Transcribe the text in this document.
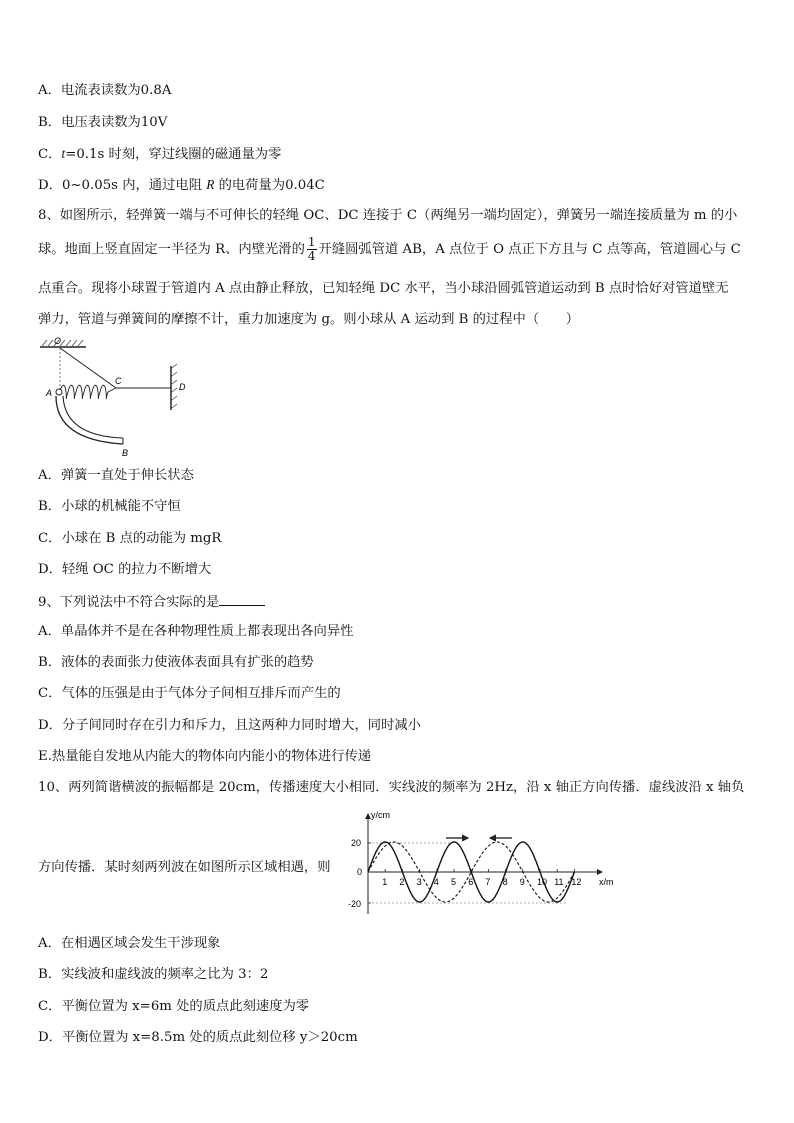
A．电流表读数为0.8A
B．电压表读数为10V
C．t=0.1s 时刻，穿过线圈的磁通量为零
D．0~0.05s 内，通过电阻 R 的电荷量为0.04C
8、如图所示，轻弹簧一端与不可伸长的轻绳 OC、DC 连接于 C（两绳另一端均固定），弹簧另一端连接质量为 m 的小
球。地面上竖直固定一半径为 R、内壁光滑的 $\frac{1}{4}$ 开缝圆弧管道 AB，A 点位于 O 点正下方且与 C 点等高，管道圆心与 C
点重合。现将小球置于管道内 A 点由静止释放，已知轻绳 DC 水平，当小球沿圆弧管道运动到 B 点时恰好对管道壁无
弹力，管道与弹簧间的摩擦不计，重力加速度为 g。则小球从 A 运动到 B 的过程中（　　）
O
D
C
A
B
A．弹簧一直处于伸长状态
B．小球的机械能不守恒
C．小球在 B 点的动能为 mgR
D．轻绳 OC 的拉力不断增大
9、下列说法中不符合实际的是
A．单晶体并不是在各种物理性质上都表现出各向异性
B．液体的表面张力使液体表面具有扩张的趋势
C．气体的压强是由于气体分子间相互排斥而产生的
D．分子间同时存在引力和斥力，且这两种力同时增大，同时减小
E.热量能自发地从内能大的物体向内能小的物体进行传递
10、两列简谐横波的振幅都是 20cm，传播速度大小相同．实线波的频率为 2Hz，沿 x 轴正方向传播．虚线波沿 x 轴负
方向传播．某时刻两列波在如图所示区域相遇，则
y/cm
x/m
20
0
-20
1 2 3 4 5 6 7 8 9 10 11 12
A．在相遇区域会发生干涉现象
B．实线波和虚线波的频率之比为 3：2
C．平衡位置为 x=6m 处的质点此刻速度为零
D．平衡位置为 x=8.5m 处的质点此刻位移 y＞20cm
